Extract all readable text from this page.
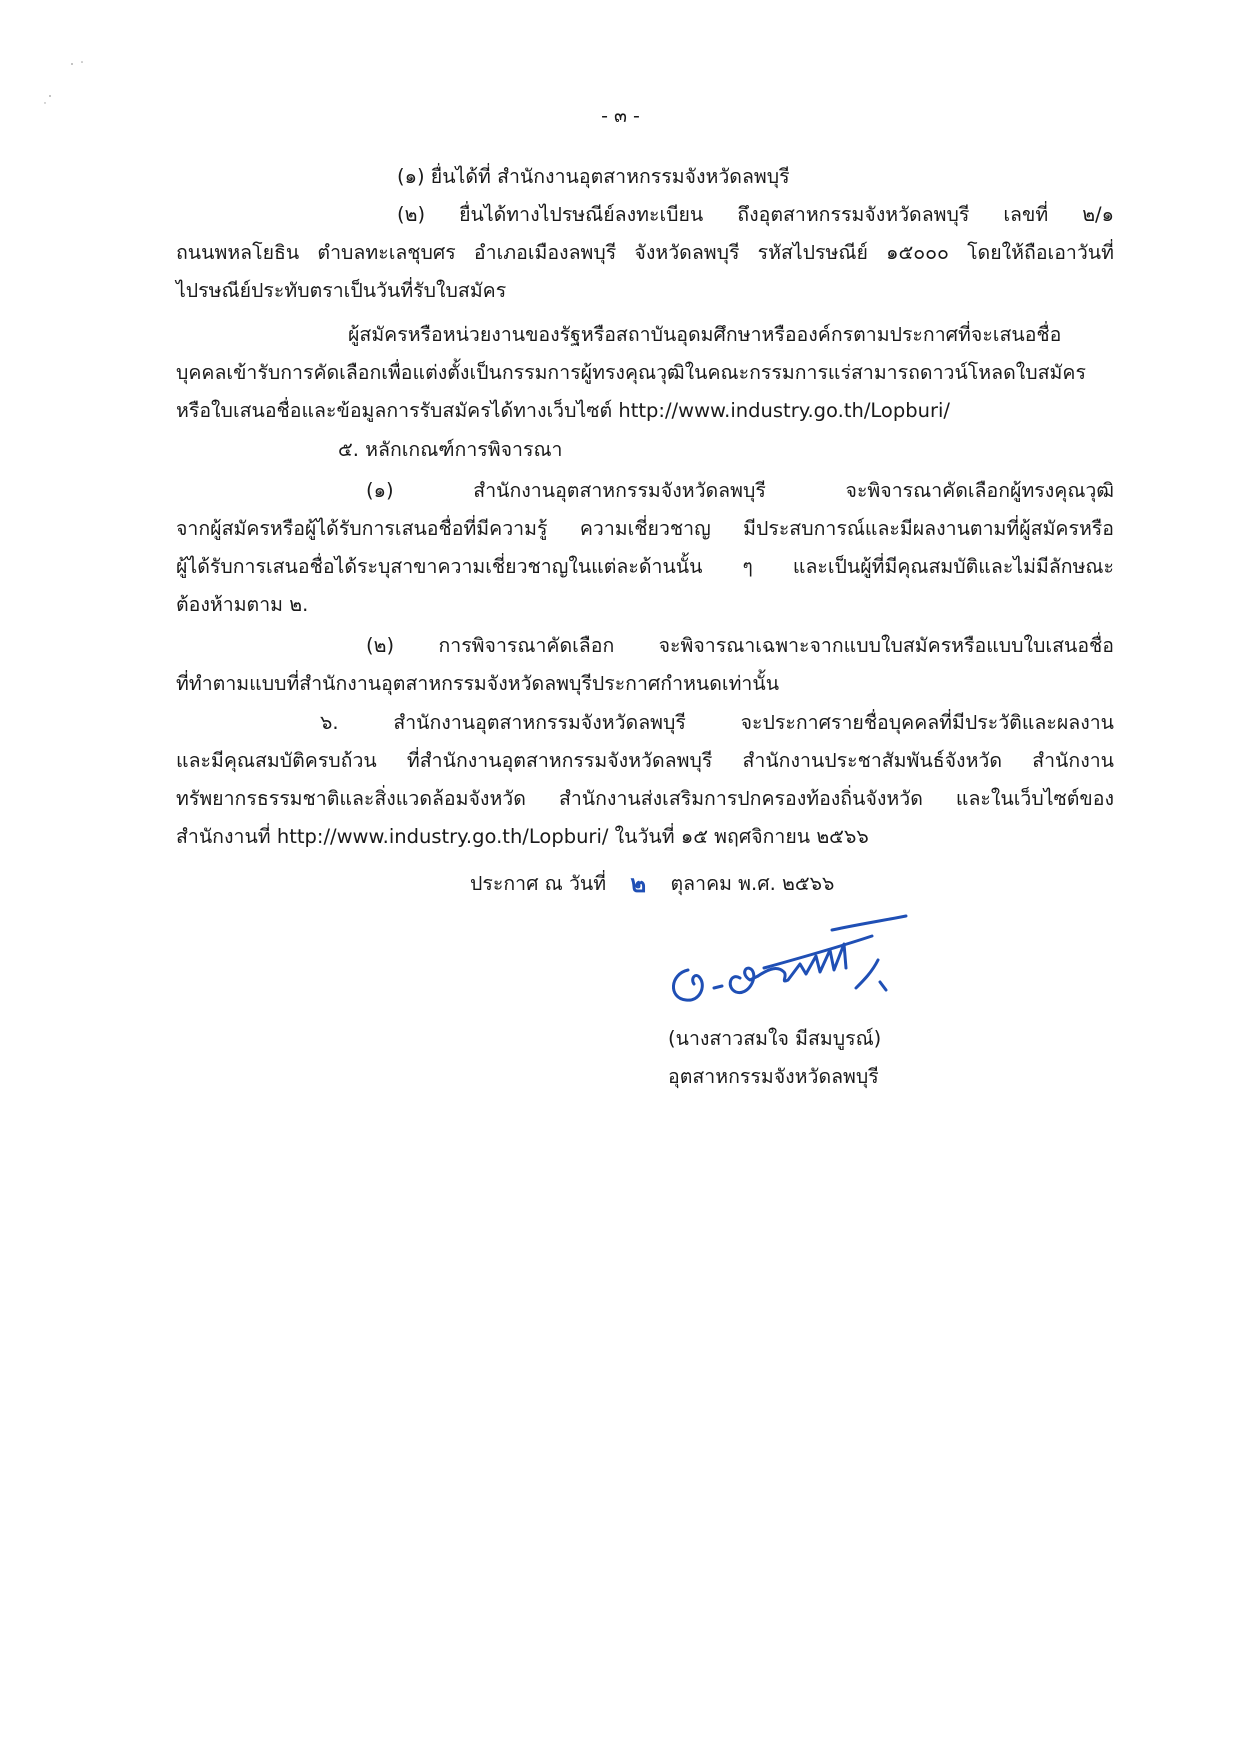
- ๓ -
(๑) ยื่นได้ที่ สำนักงานอุตสาหกรรมจังหวัดลพบุรี
(๒) ยื่นได้ทางไปรษณีย์ลงทะเบียน ถึงอุตสาหกรรมจังหวัดลพบุรี เลขที่ ๒/๑
ถนนพหลโยธิน ตำบลทะเลชุบศร อำเภอเมืองลพบุรี จังหวัดลพบุรี รหัสไปรษณีย์ ๑๕๐๐๐ โดยให้ถือเอาวันที่
ไปรษณีย์ประทับตราเป็นวันที่รับใบสมัคร
ผู้สมัครหรือหน่วยงานของรัฐหรือสถาบันอุดมศึกษาหรือองค์กรตามประกาศที่จะเสนอชื่อ
บุคคลเข้ารับการคัดเลือกเพื่อแต่งตั้งเป็นกรรมการผู้ทรงคุณวุฒิในคณะกรรมการแร่สามารถดาวน์โหลดใบสมัคร
หรือใบเสนอชื่อและข้อมูลการรับสมัครได้ทางเว็บไซต์ http://www.industry.go.th/Lopburi/
๕. หลักเกณฑ์การพิจารณา
(๑) สำนักงานอุตสาหกรรมจังหวัดลพบุรี จะพิจารณาคัดเลือกผู้ทรงคุณวุฒิ
จากผู้สมัครหรือผู้ได้รับการเสนอชื่อที่มีความรู้ ความเชี่ยวชาญ มีประสบการณ์และมีผลงานตามที่ผู้สมัครหรือ
ผู้ได้รับการเสนอชื่อได้ระบุสาขาความเชี่ยวชาญในแต่ละด้านนั้น ๆ และเป็นผู้ที่มีคุณสมบัติและไม่มีลักษณะ
ต้องห้ามตาม ๒.
(๒) การพิจารณาคัดเลือก จะพิจารณาเฉพาะจากแบบใบสมัครหรือแบบใบเสนอชื่อ
ที่ทำตามแบบที่สำนักงานอุตสาหกรรมจังหวัดลพบุรีประกาศกำหนดเท่านั้น
๖. สำนักงานอุตสาหกรรมจังหวัดลพบุรี จะประกาศรายชื่อบุคคลที่มีประวัติและผลงาน
และมีคุณสมบัติครบถ้วน ที่สำนักงานอุตสาหกรรมจังหวัดลพบุรี สำนักงานประชาสัมพันธ์จังหวัด สำนักงาน
ทรัพยากรธรรมชาติและสิ่งแวดล้อมจังหวัด สำนักงานส่งเสริมการปกครองท้องถิ่นจังหวัด และในเว็บไซต์ของ
สำนักงานที่ http://www.industry.go.th/Lopburi/ ในวันที่ ๑๕ พฤศจิกายน ๒๕๖๖
ประกาศ ณ วันที่ ๒ ตุลาคม พ.ศ. ๒๕๖๖
(นางสาวสมใจ มีสมบูรณ์)
อุตสาหกรรมจังหวัดลพบุรี
